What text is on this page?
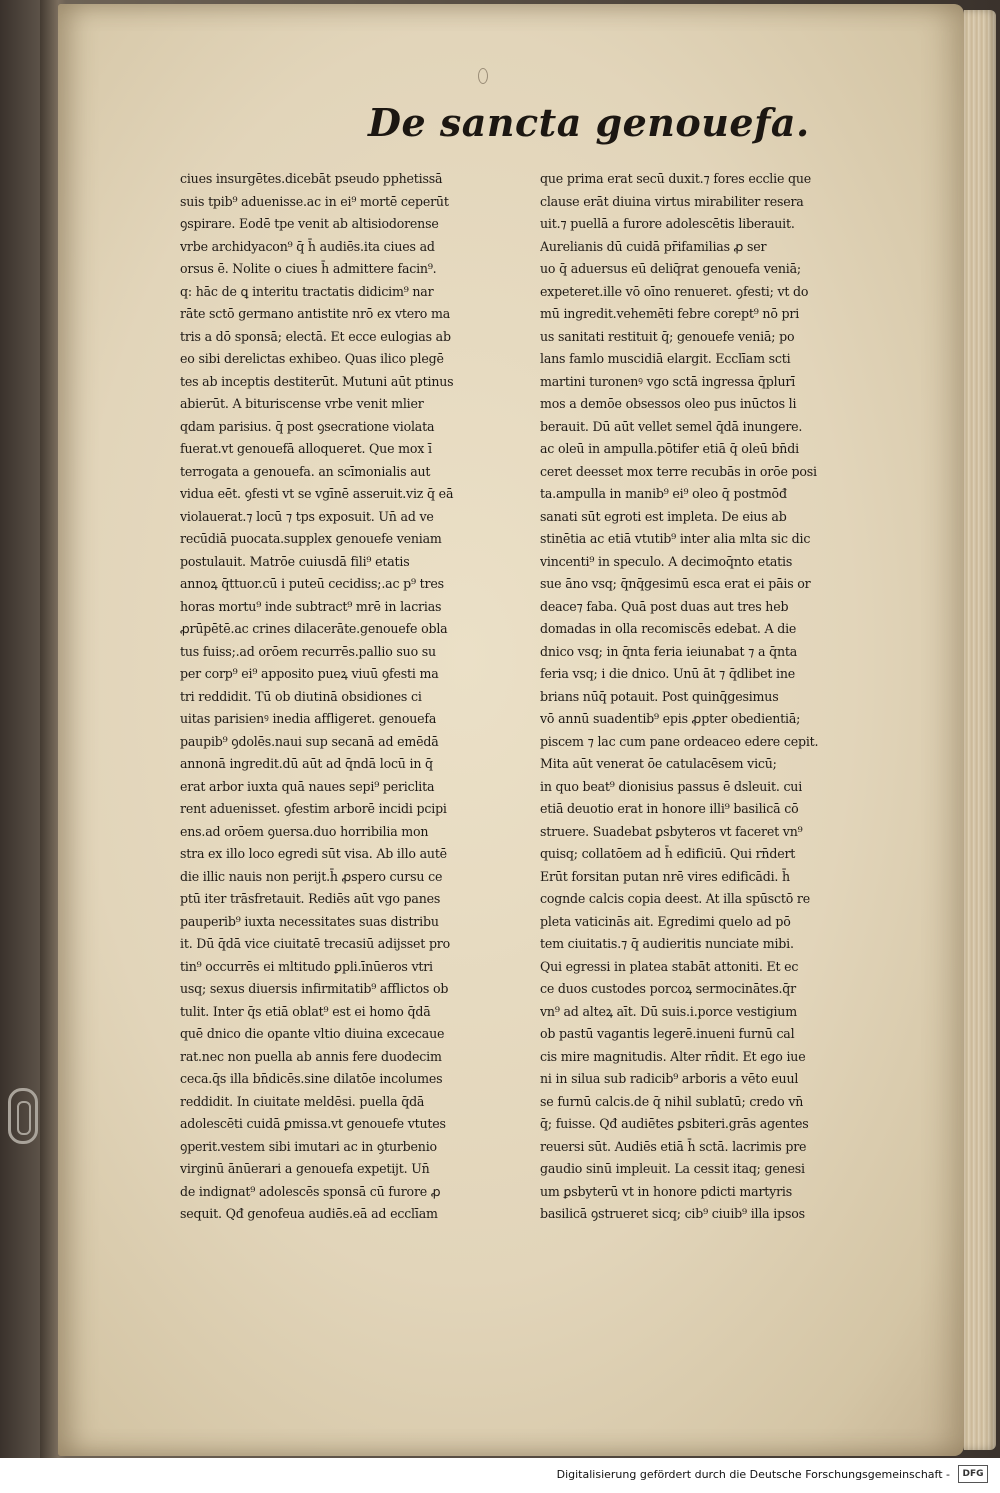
De sancta genouefa.
ciues insurgētes.dicebāt pseudo pphetissā
suis tpib⁹ aduenisse.ac in ei⁹ mortē ceperūt
ꝯspirare. Eodē tpe venit ab altisiodorense
vrbe archidyacon⁹ q̄ h̄ audiēs.ita ciues ad
orsus ē. Nolite o ciues h̄ admittere facin⁹.
q: hāc de ꝗ interitu tractatis didicim⁹ nar
rāte sctō germano antistite nrō ex vtero ma
tris a dō sponsā; electā. Et ecce eulogias ab
eo sibi derelictas exhibeo. Quas ilico plegē
tes ab inceptis destiterūt. Mutuni aūt ptinus
abierūt. A bituriscense vrbe venit mlier
qdam parisius. q̄ post ꝯsecratione violata
fuerat.vt genouefā alloqueret. Que mox ī
terrogata a genouefa. an scīmonialis aut
vidua eēt. ꝯfesti vt se vgīnē asseruit.viz q̄ eā
violauerat.⁊ locū ⁊ tps exposuit. Un̄ ad ve
recūdiā puocata.supplex genouefe veniam
postulauit. Matrōe cuiusdā fili⁹ etatis
annoꝝ q̄ttuor.cū i puteū cecidiss;.ac p⁹ tres
horas mortu⁹ inde subtract⁹ mrē in lacrias
ꝓrūpētē.ac crines dilacerāte.genouefe obla
tus fuiss;.ad orōem recurrēs.pallio suo su
per corp⁹ ei⁹ apposito pueꝝ viuū ꝯfesti ma
tri reddidit. Tū ob diutinā obsidiones ci
uitas parisienꝰ inedia affligeret. genouefa
paupib⁹ ꝯdolēs.naui sup secanā ad emēdā
annonā ingredit.dū aūt ad q̄ndā locū in q̄
erat arbor iuxta quā naues sepi⁹ periclita
rent aduenisset. ꝯfestim arborē incidi pcipi
ens.ad orōem ꝯuersa.duo horribilia mon
stra ex illo loco egredi sūt visa. Ab illo autē
die illic nauis non perijt.h̄ ꝓspero cursu ce
ptū iter trāsfretauit. Rediēs aūt vgo panes
pauperib⁹ iuxta necessitates suas distribu
it. Dū q̄dā vice ciuitatē trecasiū adijsset pro
tin⁹ occurrēs ei mltitudo ꝑpli.īnūeros vtri
usq; sexus diuersis infirmitatib⁹ afflictos ob
tulit. Inter q̄s etiā oblat⁹ est ei homo q̄dā
quē dnico die opante vltio diuina excecaue
rat.nec non puella ab annis fere duodecim
ceca.q̄s illa bn̄dicēs.sine dilatōe incolumes
reddidit. In ciuitate meldēsi. puella q̄dā
adolescēti cuidā ꝑmissa.vt genouefe vtutes
ꝯperit.vestem sibi imutari ac in ꝯturbenio
virginū ānūerari a genouefa expetijt. Un̄
de indignat⁹ adolescēs sponsā cū furore ꝓ
sequit. Qđ genofeua audiēs.eā ad ecclīam
que prima erat secū duxit.⁊ fores ecclie que
clause erāt diuina virtus mirabiliter resera
uit.⁊ puellā a furore adolescētis liberauit.
Aurelianis dū cuidā pr̄ifamilias ꝓ ser
uo q̄ aduersus eū deliq̄rat genouefa veniā;
expeteret.ille vō oīno renueret. ꝯfesti; vt do
mū ingredit.vehemēti febre corept⁹ nō pri
us sanitati restituit q̄; genouefe veniā; po
lans famlo muscidiā elargit. Ecclīam scti
martini turonenꝰ vgo sctā ingressa q̄plurī
mos a demōe obsessos oleo pus inūctos li
berauit. Dū aūt vellet semel q̄dā inungere.
ac oleū in ampulla.pōtifer etiā q̄ oleū bn̄di
ceret deesset mox terre recubās in orōe posi
ta.ampulla in manib⁹ ei⁹ oleo q̄ postmōđ
sanati sūt egroti est impleta. De eius ab
stinētia ac etiā vtutib⁹ inter alia mlta sic dic
vincenti⁹ in speculo. A decimoq̄nto etatis
sue āno vsq; q̄nq̄gesimū esca erat ei pāis or
deace⁊ faba. Quā post duas aut tres heb
domadas in olla recomiscēs edebat. A die
dnico vsq; in q̄nta feria ieiunabat ⁊ a q̄nta
feria vsq; i die dnico. Unū āt ⁊ q̄dlibet ine
brians nūq̄ potauit. Post quinq̄gesimus
vō annū suadentib⁹ epis ꝓpter obedientiā;
piscem ⁊ lac cum pane ordeaceo edere cepit.
Mita aūt venerat ōe catulacēsem vicū;
in quo beat⁹ dionisius passus ē dsleuit. cui
etiā deuotio erat in honore illi⁹ basilicā cō
struere. Suadebat ꝑsbyteros vt faceret vn⁹
quisq; collatōem ad h̄ edificiū. Qui rn̄dert
Erūt forsitan putan nrē vires edificādi. h̄
cognde calcis copia deest. At illa spūsctō re
pleta vaticinās ait. Egredimi quelo ad pō
tem ciuitatis.⁊ q̄ audieritis nunciate mibi.
Qui egressi in platea stabāt attoniti. Et ec
ce duos custodes porcoꝝ sermocinātes.q̄r
vn⁹ ad alteꝝ aīt. Dū suis.i.porce vestigium
ob pastū vagantis legerē.inueni furnū cal
cis mire magnitudis. Alter rn̄dit. Et ego iue
ni in silua sub radicib⁹ arboris a vēto euul
se furnū calcis.de q̄ nihil sublatū; credo vn̄
q̄; fuisse. Qđ audiētes ꝑsbiteri.grās agentes
reuersi sūt. Audiēs etiā h̄ sctā. lacrimis pre
gaudio sinū impleuit. La cessit itaq; genesi
um ꝑsbyterū vt in honore pdicti martyris
basilicā ꝯstrueret sicq; cib⁹ ciuib⁹ illa ipsos
Digitalisierung gefördert durch die Deutsche Forschungsgemeinschaft -	DFG
